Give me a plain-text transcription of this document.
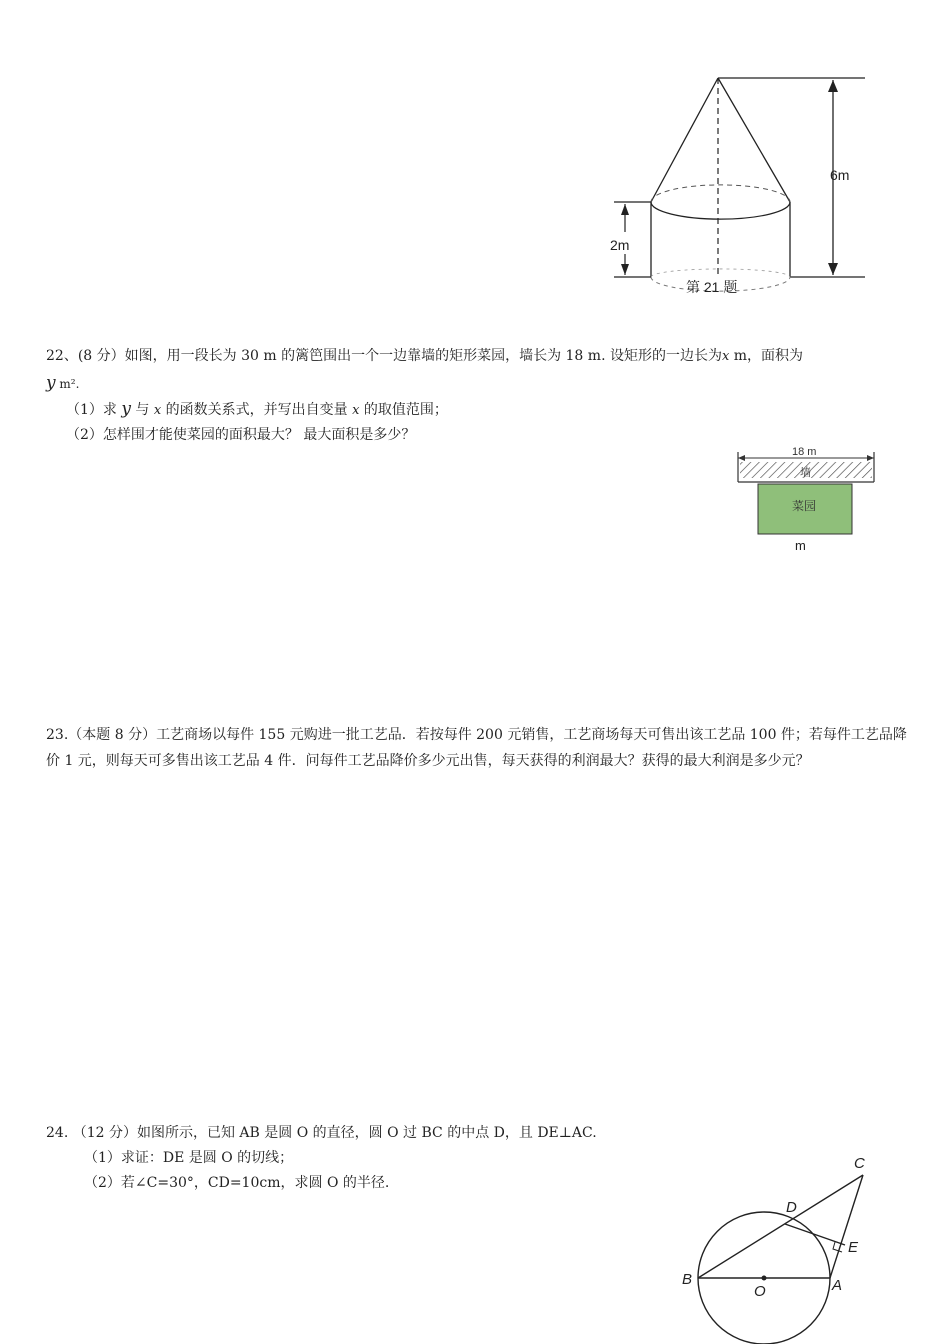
6m
2m
第 21 题
22、(8 分）如图，用一段长为 30 m 的篱笆围出一个一边靠墙的矩形菜园，墙长为 18 m. 设矩形的一边长为x m，面积为
y m².
（1）求 y 与 x 的函数关系式，并写出自变量 x 的取值范围；
（2）怎样围才能使菜园的面积最大？ 最大面积是多少？
18 m
墙
菜园
m
23.（本题 8 分）工艺商场以每件 155 元购进一批工艺品．若按每件 200 元销售，工艺商场每天可售出该工艺品 100 件；若每件工艺品降价 1 元，则每天可多售出该工艺品 4 件．问每件工艺品降价多少元出售，每天获得的利润最大？获得的最大利润是多少元？
24. （12 分）如图所示，已知 AB 是圆 O 的直径，圆 O 过 BC 的中点 D，且 DE⊥AC.
（1）求证：DE 是圆 O 的切线；
（2）若∠C=30°，CD=10cm，求圆 O 的半径.
C
D
E
B
O	A
